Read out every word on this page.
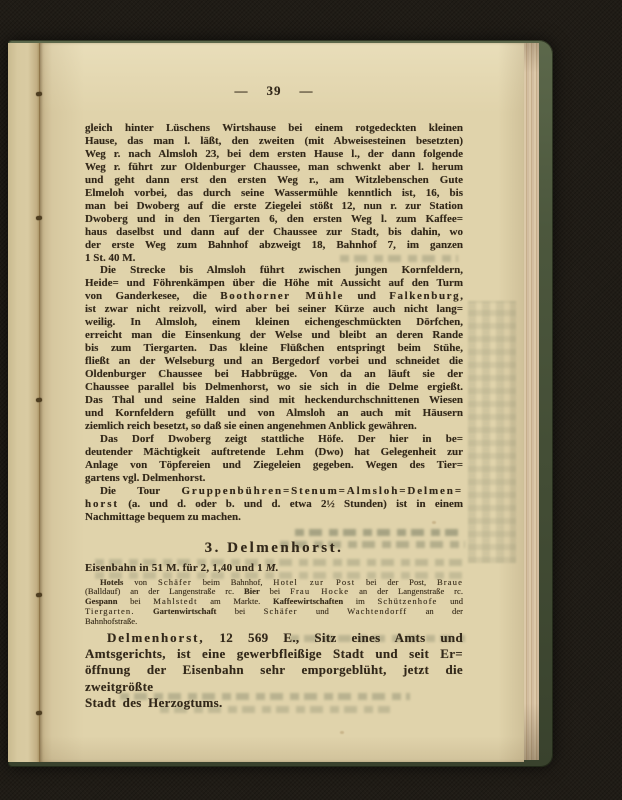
— 39 —
gleich hinter Lüschens Wirtshause bei einem rotgedeckten kleinen
Hause, das man l. läßt, den zweiten (mit Abweisesteinen besetzten)
Weg r. nach Almsloh 23, bei dem ersten Hause l., der dann folgende
Weg r. führt zur Oldenburger Chaussee, man schwenkt aber l. herum
und geht dann erst den ersten Weg r., am Witzlebenschen Gute
Elmeloh vorbei, das durch seine Wassermühle kenntlich ist, 16, bis
man bei Dwoberg auf die erste Ziegelei stößt 12, nun r. zur Station
Dwoberg und in den Tiergarten 6, den ersten Weg l. zum Kaffee=
haus daselbst und dann auf der Chaussee zur Stadt, bis dahin, wo
der erste Weg zum Bahnhof abzweigt 18, Bahnhof 7, im ganzen
1 St. 40 M.
Die Strecke bis Almsloh führt zwischen jungen Kornfeldern,
Heide= und Föhrenkämpen über die Höhe mit Aussicht auf den Turm
von Ganderkesee, die Boothorner Mühle und Falkenburg,
ist zwar nicht reizvoll, wird aber bei seiner Kürze auch nicht lang=
weilig. In Almsloh, einem kleinen eichengeschmückten Dörfchen,
erreicht man die Einsenkung der Welse und bleibt an deren Rande
bis zum Tiergarten. Das kleine Flüßchen entspringt beim Stühe,
fließt an der Welseburg und an Bergedorf vorbei und schneidet die
Oldenburger Chaussee bei Habbrügge. Von da an läuft sie der
Chaussee parallel bis Delmenhorst, wo sie sich in die Delme ergießt.
Das Thal und seine Halden sind mit heckendurchschnittenen Wiesen
und Kornfeldern gefüllt und von Almsloh an auch mit Häusern
ziemlich reich besetzt, so daß sie einen angenehmen Anblick gewähren.
Das Dorf Dwoberg zeigt stattliche Höfe. Der hier in be=
deutender Mächtigkeit auftretende Lehm (Dwo) hat Gelegenheit zur
Anlage von Töpfereien und Ziegeleien gegeben. Wegen des Tier=
gartens vgl. Delmenhorst.
Die Tour Gruppenbühren=Stenum=Almsloh=Delmen=
horst (a. und d. oder b. und d. etwa 2½ Stunden) ist in einem
Nachmittage bequem zu machen.
3. Delmenhorst.
Eisenbahn in 51 M. für 2, 1,40 und 1 M.
Hotels von Schäfer beim Bahnhof, Hotel zur Post bei der Post, Braue
(Balldauf) an der Langenstraße rc. Bier bei Frau Hocke an der Langenstraße rc.
Gespann bei Mahlstedt am Markte. Kaffeewirtschaften im Schützenhofe und
Tiergarten. Gartenwirtschaft bei Schäfer und Wachtendorff an der
Bahnhofstraße.
Delmenhorst, 12 569 E., Sitz eines Amts und
Amtsgerichts, ist eine gewerbfleißige Stadt und seit Er=
öffnung der Eisenbahn sehr emporgeblüht, jetzt die zweitgrößte
Stadt des Herzogtums.
